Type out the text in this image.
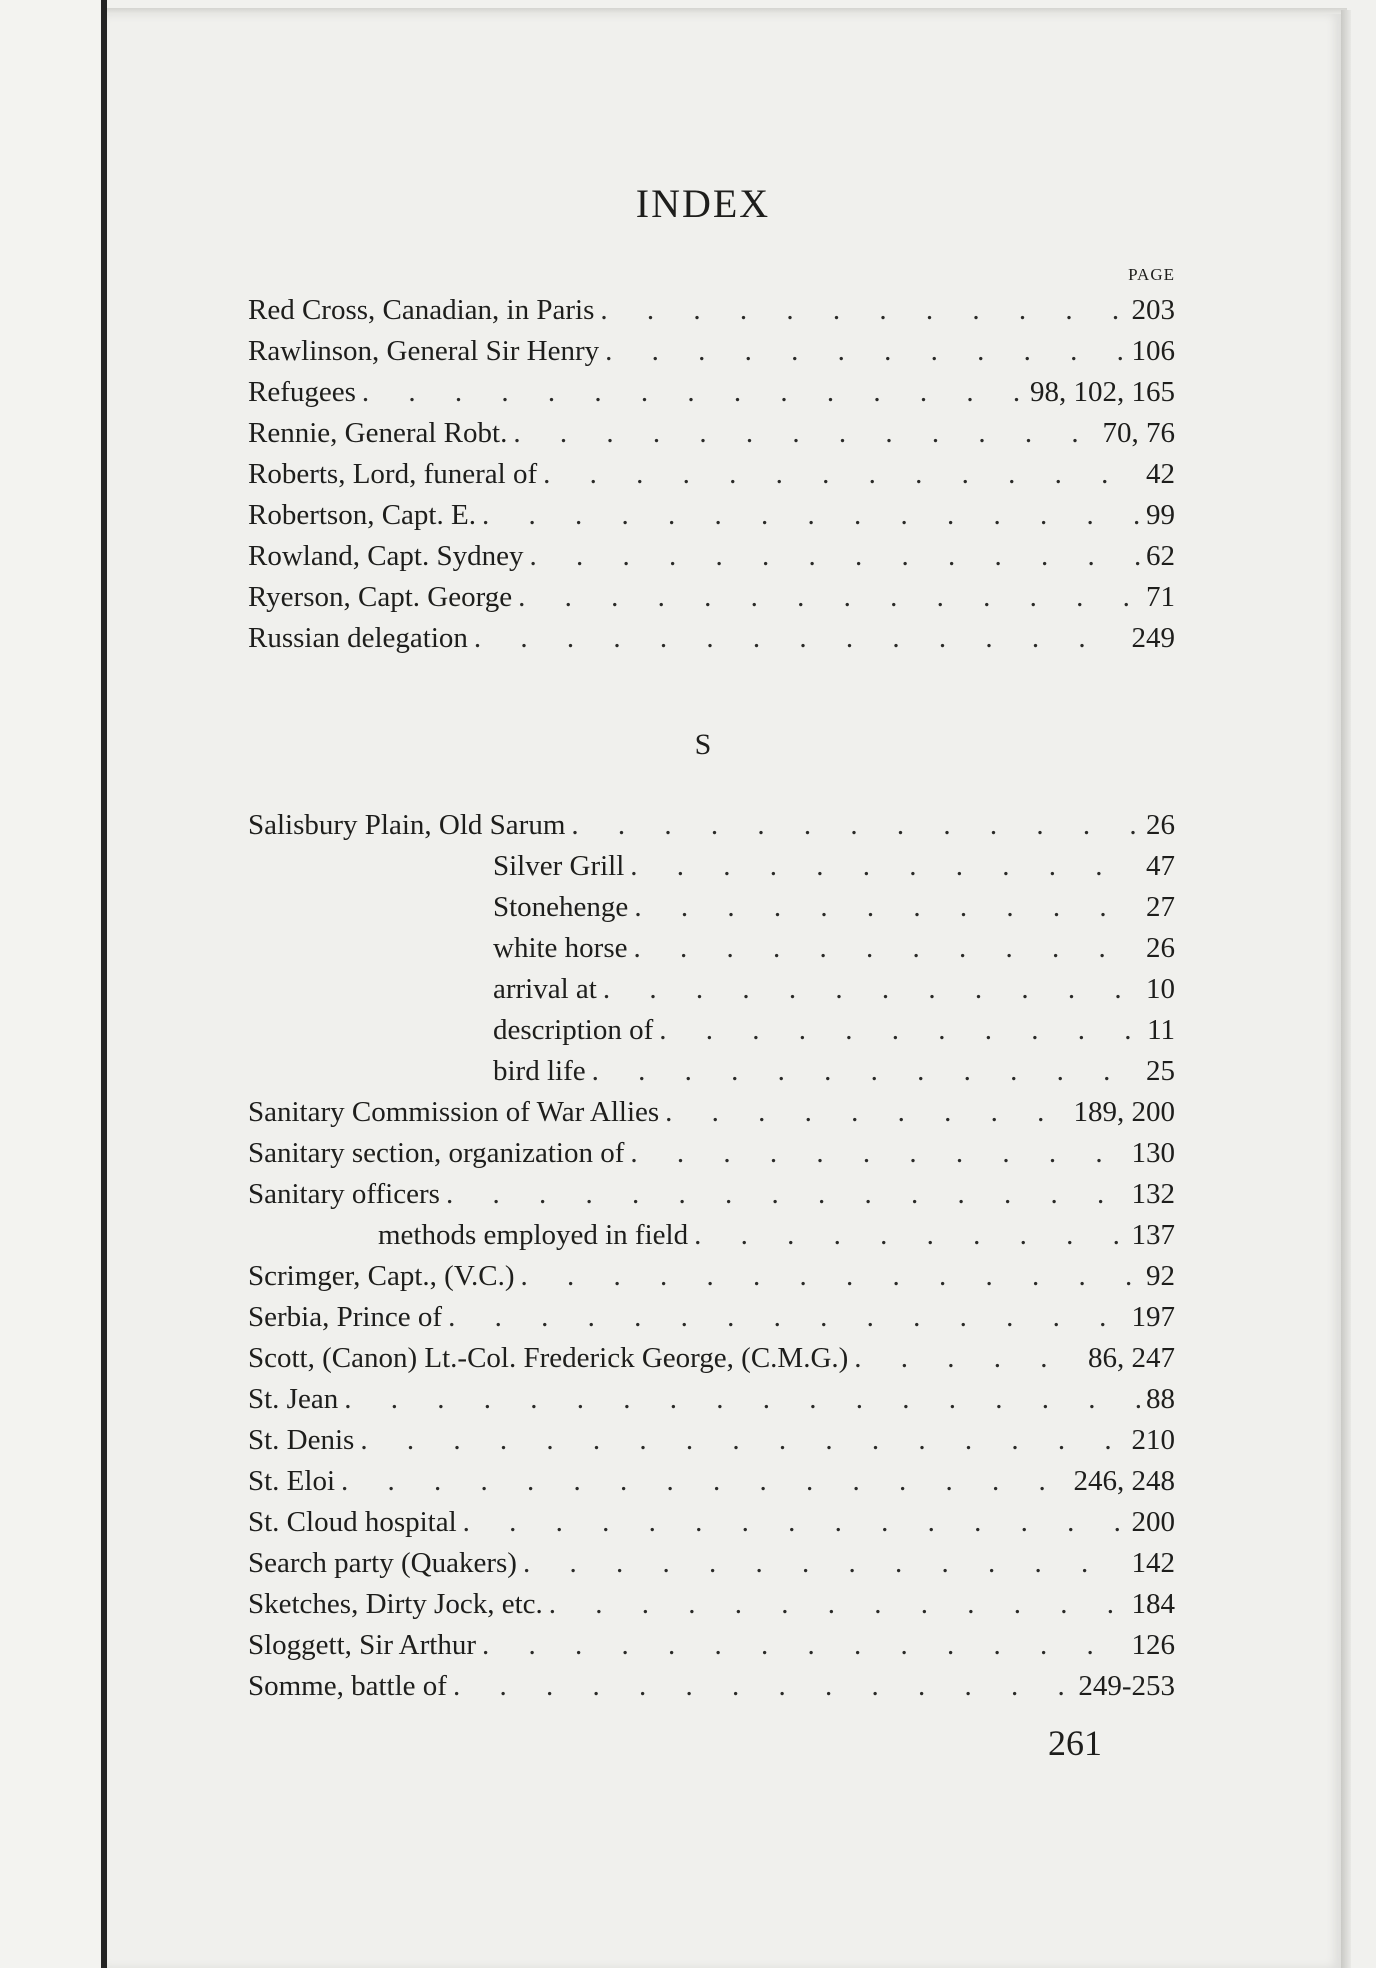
INDEX
PAGE
Red Cross, Canadian, in Paris . . .	203
Rawlinson, General Sir Henry . . .	106
Refugees . . .	98, 102, 165
Rennie, General Robt. . . .	70, 76
Roberts, Lord, funeral of . . .	42
Robertson, Capt. E. . . .	99
Rowland, Capt. Sydney . . .	62
Ryerson, Capt. George . . .	71
Russian delegation . . .	249
S
Salisbury Plain, Old Sarum . . .	26
Silver Grill . . .	47
Stonehenge . . .	27
white horse . . .	26
arrival at . . .	10
description of . . .	11
bird life . . .	25
Sanitary Commission of War Allies . . .	189, 200
Sanitary section, organization of . . .	130
Sanitary officers . . .	132
methods employed in field . . .	137
Scrimger, Capt., (V.C.) . . .	92
Serbia, Prince of . . .	197
Scott, (Canon) Lt.-Col. Frederick George, (C.M.G.) . . .	86, 247
St. Jean . . .	88
St. Denis . . .	210
St. Eloi . . .	246, 248
St. Cloud hospital . . .	200
Search party (Quakers) . . .	142
Sketches, Dirty Jock, etc. . . .	184
Sloggett, Sir Arthur . . .	126
Somme, battle of . . .	249-253
261
